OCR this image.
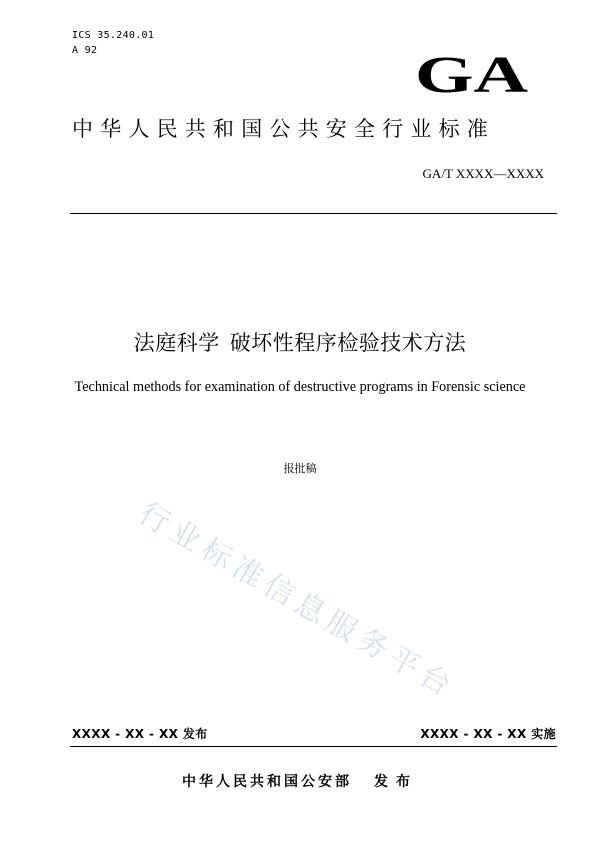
ICS 35.240.01
A 92	GA
中华人民共和国公共安全行业标准
GA/T XXXX—XXXX
法庭科学 破坏性程序检验技术方法
Technical methods for examination of destructive programs in Forensic science
报批稿
行业标准信息服务平台
XXXX - XX - XX 发布	XXXX - XX - XX 实施
中华人民共和国公安部 发布
